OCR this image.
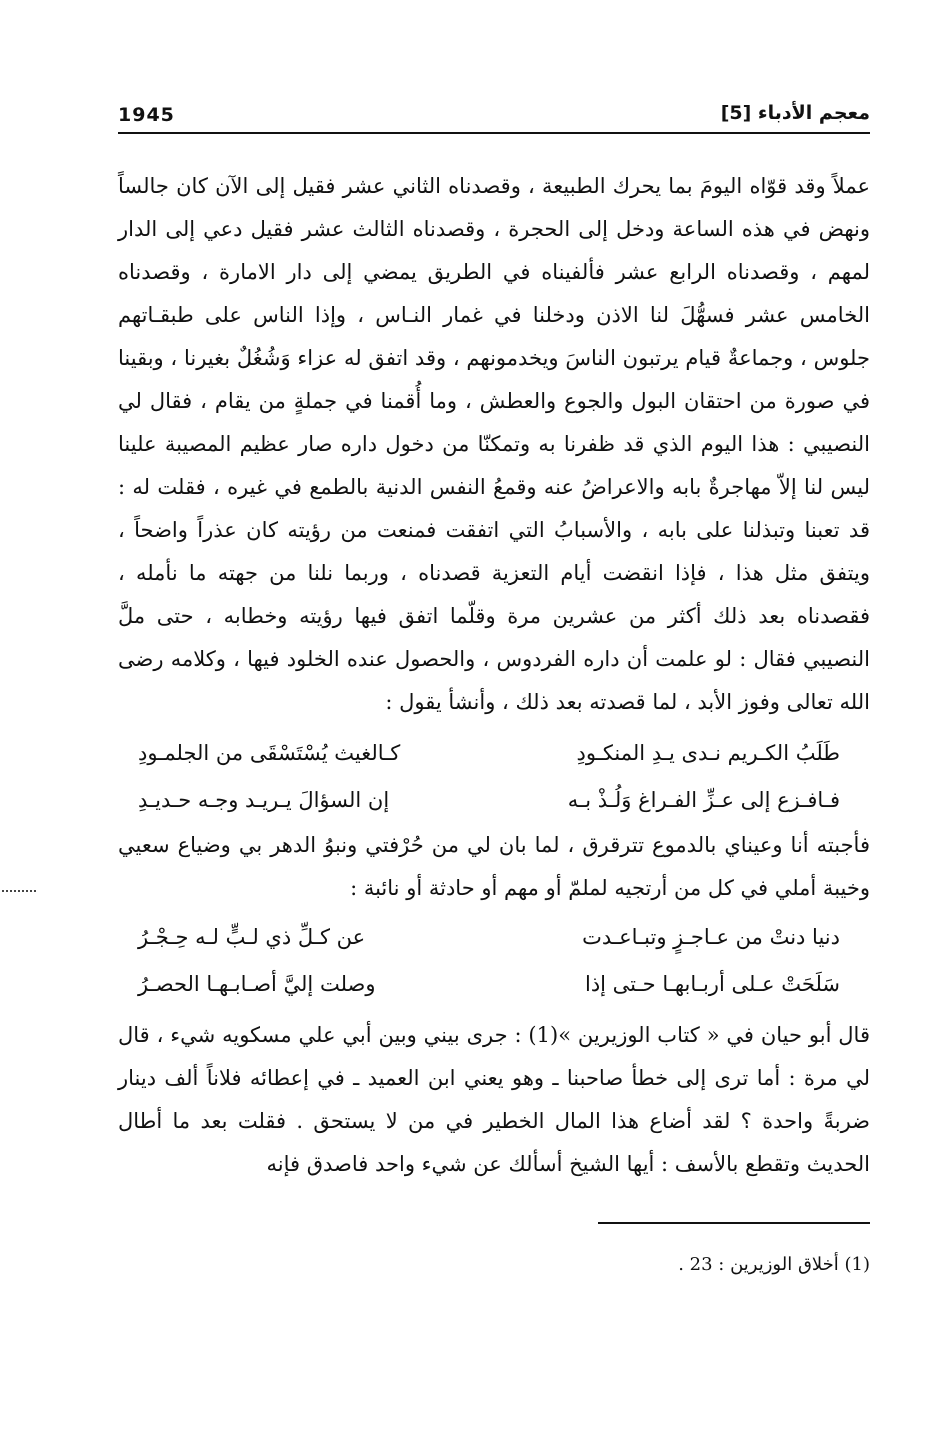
1945	معجم الأدباء [5]

عملاً وقد قوّاه اليومَ بما يحرك الطبيعة ، وقصدناه الثاني عشر فقيل إلى الآن كان جالساً ونهض في هذه الساعة ودخل إلى الحجرة ، وقصدناه الثالث عشر فقيل دعي إلى الدار لمهم ، وقصدناه الرابع عشر فألفيناه في الطريق يمضي إلى دار الامارة ، وقصدناه الخامس عشر فسهُّلَ لنا الاذن ودخلنا في غمار النـاس ، وإذا الناس على طبقـاتهم جلوس ، وجماعةٌ قيام يرتبون الناسَ ويخدمونهم ، وقد اتفق له عزاء وَشُغُلٌ بغيرنا ، وبقينا في صورة من احتقان البول والجوع والعطش ، وما أُقمنا في جملةٍ من يقام ، فقال لي النصيبي : هذا اليوم الذي قد ظفرنا به وتمكنّا من دخول داره صار عظيم المصيبة علينا ليس لنا إلاّ مهاجرةٌ بابه والاعراضُ عنه وقمعُ النفس الدنية بالطمع في غيره ، فقلت له : قد تعبنا وتبذلنا على بابه ، والأسبابُ التي اتفقت فمنعت من رؤيته كان عذراً واضحاً ، ويتفق مثل هذا ، فإذا انقضت أيام التعزية قصدناه ، وربما نلنا من جهته ما نأمله ، فقصدناه بعد ذلك أكثر من عشرين مرة وقلّما اتفق فيها رؤيته وخطابه ، حتى ملَّ النصيبي فقال : لو علمت أن داره الفردوس ، والحصول عنده الخلود فيها ، وكلامه رضى الله تعالى وفوز الأبد ، لما قصدته بعد ذلك ، وأنشأ يقول :

طَلَبُ الكـريم نـدى يـدِ المنكـودِ
كـالغيث يُسْتَسْقَى من الجلمـودِ
فـافـزع إلى عـزِّ الفـراغ وَلُـذْ بـه
إن السؤالَ يـريـد وجـه حـديـدِ

فأجبته أنا وعيناي بالدموع تترقرق ، لما بان لي من حُرْفتي ونبوُ الدهر بي وضياع سعيي وخيبة أملي في كل من أرتجيه لملمّ أو مهم أو حادثة أو نائبة :

دنيا دنتْ من عـاجـزٍ وتبـاعـدت
عن كـلِّ ذي لـبٍّ لـه حِـجْـرُ
سَلَحَتْ عـلى أربـابهـا حـتى إذا
وصلت إليَّ أصـابـهـا الحصـرُ

قال أبو حيان في « كتاب الوزيرين »(1) : جرى بيني وبين أبي علي مسكويه شيء ، قال لي مرة : أما ترى إلى خطأ صاحبنا ـ وهو يعني ابن العميد ـ في إعطائه فلاناً ألف دينار ضربةً واحدة ؟ لقد أضاع هذا المال الخطير في من لا يستحق . فقلت بعد ما أطال الحديث وتقطع بالأسف : أيها الشيخ أسألك عن شيء واحد فاصدق فإنه

(1) أخلاق الوزيرين : 23 .
